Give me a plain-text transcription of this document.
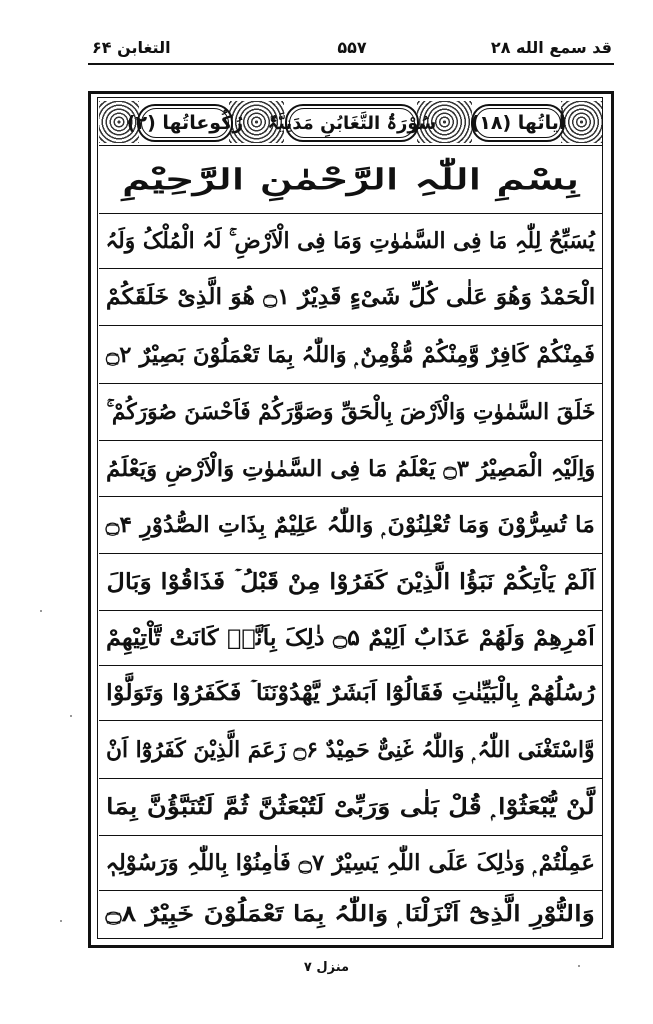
قد سمع الله ۲۸
۵۵۷
التغابن ۶۴
رُکُوعاتُھا (۲) سُوْرَۃُ التَّغَابُنِ مَدَنِیَّۃٌ اٰیاتُھا (۱۸)
بِسْمِ اللّٰہِ الرَّحْمٰنِ الرَّحِیْمِ
یُسَبِّحُ لِلّٰہِ مَا فِی السَّمٰوٰتِ وَمَا فِی الْاَرْضِ ۚ لَہُ الْمُلْکُ وَلَہُ
الْحَمْدُ وَھُوَ عَلٰی کُلِّ شَیْءٍ قَدِیْرٌ ۝۱ ھُوَ الَّذِیْ خَلَقَکُمْ
فَمِنْکُمْ کَافِرٌ وَّمِنْکُمْ مُّؤْمِنٌ ۭ وَاللّٰہُ بِمَا تَعْمَلُوْنَ بَصِیْرٌ ۝۲
خَلَقَ السَّمٰوٰتِ وَالْاَرْضَ بِالْحَقِّ وَصَوَّرَکُمْ فَاَحْسَنَ صُوَرَکُمْ ۚ
وَاِلَیْہِ الْمَصِیْرُ ۝۳ یَعْلَمُ مَا فِی السَّمٰوٰتِ وَالْاَرْضِ وَیَعْلَمُ
مَا تُسِرُّوْنَ وَمَا تُعْلِنُوْنَ ۭ وَاللّٰہُ عَلِیْمٌ بِذَاتِ الصُّدُوْرِ ۝۴
اَلَمْ یَاْتِکُمْ نَبَؤُا الَّذِیْنَ کَفَرُوْا مِنْ قَبْلُ ۡ فَذَاقُوْا وَبَالَ
اَمْرِھِمْ وَلَھُمْ عَذَابٌ اَلِیْمٌ ۝۵ ذٰلِکَ بِاَنَّہٗ کَانَتْ تَّاْتِیْھِمْ
رُسُلُھُمْ بِالْبَیِّنٰتِ فَقَالُوْٓا اَبَشَرٌ یَّھْدُوْنَنَا ۡ فَکَفَرُوْا وَتَوَلَّوْا
وَّاسْتَغْنَی اللّٰہُ ۭ وَاللّٰہُ غَنِیٌّ حَمِیْدٌ ۝۶ زَعَمَ الَّذِیْنَ کَفَرُوْٓا اَنْ
لَّنْ یُّبْعَثُوْا ۭ قُلْ بَلٰی وَرَبِّیْ لَتُبْعَثُنَّ ثُمَّ لَتُنَبَّؤُنَّ بِمَا
عَمِلْتُمْ ۭ وَذٰلِکَ عَلَی اللّٰہِ یَسِیْرٌ ۝۷ فَاٰمِنُوْا بِاللّٰہِ وَرَسُوْلِہٖ
وَالنُّوْرِ الَّذِیْٓ اَنْزَلْنَا ۭ وَاللّٰہُ بِمَا تَعْمَلُوْنَ خَبِیْرٌ ۝۸
منزل ۷
